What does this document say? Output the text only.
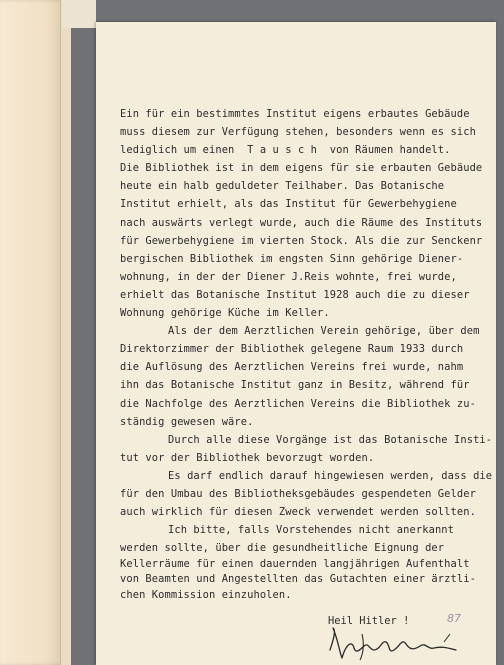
Ein für ein bestimmtes Institut eigens erbautes Gebäude
muss diesem zur Verfügung stehen, besonders wenn es sich
lediglich um einen  T a u s c h  von Räumen handelt.
Die Bibliothek ist in dem eigens für sie erbauten Gebäude
heute ein halb geduldeter Teilhaber. Das Botanische
Institut erhielt, als das Institut für Gewerbehygiene
nach auswärts verlegt wurde, auch die Räume des Instituts
für Gewerbehygiene im vierten Stock. Als die zur Senckenr
bergischen Bibliothek im engsten Sinn gehörige Diener-
wohnung, in der der Diener J.Reis wohnte, frei wurde,
erhielt das Botanische Institut 1928 auch die zu dieser
Wohnung gehörige Küche im Keller.
Als der dem Aerztlichen Verein gehörige, über dem
Direktorzimmer der Bibliothek gelegene Raum 1933 durch
die Auflösung des Aerztlichen Vereins frei wurde, nahm
ihn das Botanische Institut ganz in Besitz, während für
die Nachfolge des Aerztlichen Vereins die Bibliothek zu-
ständig gewesen wäre.
Durch alle diese Vorgänge ist das Botanische Insti-
tut vor der Bibliothek bevorzugt worden.
Es darf endlich darauf hingewiesen werden, dass die
für den Umbau des Bibliotheksgebäudes gespendeten Gelder
auch wirklich für diesen Zweck verwendet werden sollten.
Ich bitte, falls Vorstehendes nicht anerkannt
werden sollte, über die gesundheitliche Eignung der
Kellerräume für einen dauernden langjährigen Aufenthalt
von Beamten und Angestellten das Gutachten einer ärztli-
chen Kommission einzuholen.
Heil Hitler !	87
